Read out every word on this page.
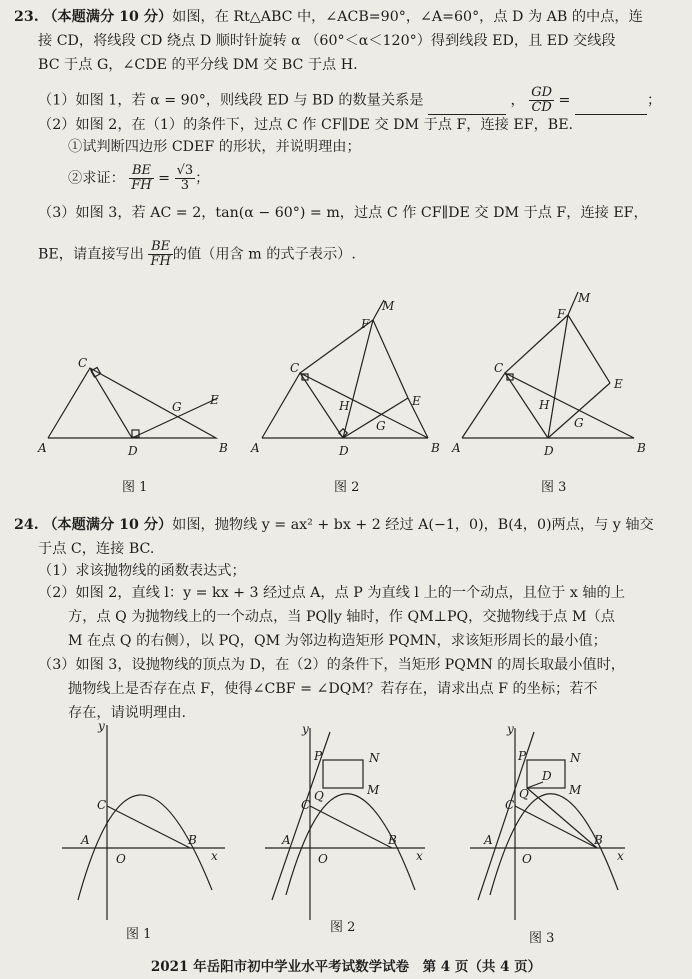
23. （本题满分 10 分）如图，在 Rt△ABC 中，∠ACB=90°，∠A=60°，点 D 为 AB 的中点，连
接 CD，将线段 CD 绕点 D 顺时针旋转 α （60°＜α＜120°）得到线段 ED，且 ED 交线段
BC 于点 G，∠CDE 的平分线 DM 交 BC 于点 H.
（1）如图 1，若 α = 90°，则线段 ED 与 BD 的数量关系是	， $\frac{GD}{CD}$ =	；
（2）如图 2，在（1）的条件下，过点 C 作 CF∥DE 交 DM 于点 F，连接 EF，BE.
①试判断四边形 CDEF 的形状，并说明理由；
②求证： $\frac{BE}{FH} = \frac{√3}{3}$ ；
（3）如图 3，若 AC = 2，tan(α − 60°) = m，过点 C 作 CF∥DE 交 DM 于点 F，连接 EF，
BE，请直接写出 $\frac{BE}{FH}$ 的值（用含 m 的式子表示）.
A	D	B
C
G E
A	D	B
C
F
M
E
H
G
A	D	B
C
F
M
E
H
G
图 1	图 2	图 3
24. （本题满分 10 分）如图，抛物线 y = ax² + bx + 2 经过 A(−1，0)，B(4，0)两点，与 y 轴交
于点 C，连接 BC.
（1）求该抛物线的函数表达式；
（2）如图 2，直线 l：y = kx + 3 经过点 A，点 P 为直线 l 上的一个动点，且位于 x 轴的上
方，点 Q 为抛物线上的一个动点，当 PQ∥y 轴时，作 QM⊥PQ，交抛物线于点 M（点
M 在点 Q 的右侧），以 PQ，QM 为邻边构造矩形 PQMN，求该矩形周长的最小值；
（3）如图 3，设抛物线的顶点为 D，在（2）的条件下，当矩形 PQMN 的周长取最小值时，
抛物线上是否存在点 F，使得∠CBF = ∠DQM？若存在，请求出点 F 的坐标；若不
存在，请说明理由.
A
O
B
x
y
C
A
O
B
x
y
C
P	N
M
Q
A
O
B
x
y
C
P	N
M
Q
D
图 1	图 2
图 3
2021 年岳阳市初中学业水平考试数学试卷　第 4 页（共 4 页）
